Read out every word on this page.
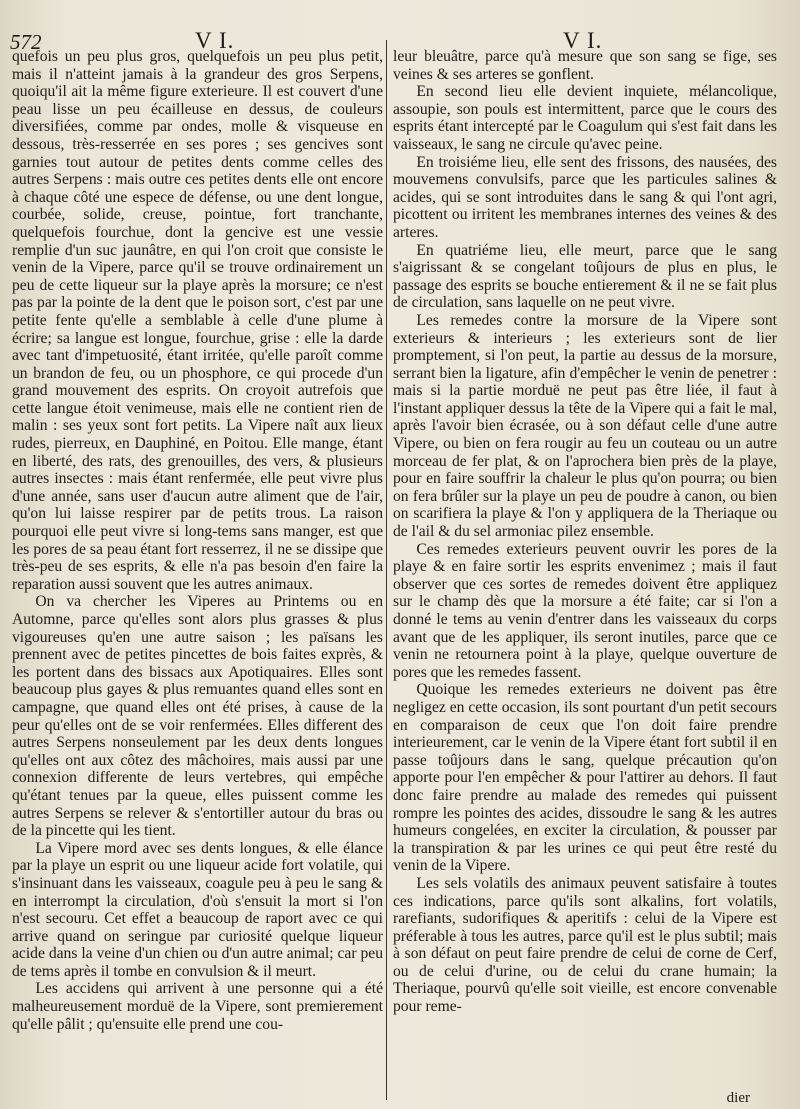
572	V I.	V I.

quefois un peu plus gros, quelquefois un peu plus petit, mais il n'atteint jamais à la grandeur des gros Serpens, quoiqu'il ait la même figure exterieure. Il est couvert d'une peau lisse un peu écailleuse en dessus, de couleurs diversifiées, comme par ondes, molle & visqueuse en dessous, très-resserrée en ses pores ; ses gencives sont garnies tout autour de petites dents comme celles des autres Serpens : mais outre ces petites dents elle ont encore à chaque côté une espece de défense, ou une dent longue, courbée, solide, creuse, pointue, fort tranchante, quelquefois fourchue, dont la gencive est une vessie remplie d'un suc jaunâtre, en qui l'on croit que consiste le venin de la Vipere, parce qu'il se trouve ordinairement un peu de cette liqueur sur la playe après la morsure; ce n'est pas par la pointe de la dent que le poison sort, c'est par une petite fente qu'elle a semblable à celle d'une plume à écrire; sa langue est longue, fourchue, grise : elle la darde avec tant d'impetuosité, étant irritée, qu'elle paroît comme un brandon de feu, ou un phosphore, ce qui procede d'un grand mouvement des esprits. On croyoit autrefois que cette langue étoit venimeuse, mais elle ne contient rien de malin : ses yeux sont fort petits. La Vipere naît aux lieux rudes, pierreux, en Dauphiné, en Poitou. Elle mange, étant en liberté, des rats, des grenouilles, des vers, & plusieurs autres insectes : mais étant renfermée, elle peut vivre plus d'une année, sans user d'aucun autre aliment que de l'air, qu'on lui laisse respirer par de petits trous. La raison pourquoi elle peut vivre si long-tems sans manger, est que les pores de sa peau étant fort resserrez, il ne se dissipe que très-peu de ses esprits, & elle n'a pas besoin d'en faire la reparation aussi souvent que les autres animaux.

On va chercher les Viperes au Printems ou en Automne, parce qu'elles sont alors plus grasses & plus vigoureuses qu'en une autre saison ; les païsans les prennent avec de petites pincettes de bois faites exprès, & les portent dans des bissacs aux Apotiquaires. Elles sont beaucoup plus gayes & plus remuantes quand elles sont en campagne, que quand elles ont été prises, à cause de la peur qu'elles ont de se voir renfermées. Elles different des autres Serpens nonseulement par les deux dents longues qu'elles ont aux côtez des mâchoires, mais aussi par une connexion differente de leurs vertebres, qui empêche qu'étant tenues par la queue, elles puissent comme les autres Serpens se relever & s'entortiller autour du bras ou de la pincette qui les tient.

La Vipere mord avec ses dents longues, & elle élance par la playe un esprit ou une liqueur acide fort volatile, qui s'insinuant dans les vaisseaux, coagule peu à peu le sang & en interrompt la circulation, d'où s'ensuit la mort si l'on n'est secouru. Cet effet a beaucoup de raport avec ce qui arrive quand on seringue par curiosité quelque liqueur acide dans la veine d'un chien ou d'un autre animal; car peu de tems après il tombe en convulsion & il meurt.

Les accidens qui arrivent à une personne qui a été malheureusement morduë de la Vipere, sont premierement qu'elle pâlit ; qu'ensuite elle prend une cou-

leur bleuâtre, parce qu'à mesure que son sang se fige, ses veines & ses arteres se gonflent.

En second lieu elle devient inquiete, mélancolique, assoupie, son pouls est intermittent, parce que le cours des esprits étant intercepté par le Coagulum qui s'est fait dans les vaisseaux, le sang ne circule qu'avec peine.

En troisiéme lieu, elle sent des frissons, des nausées, des mouvemens convulsifs, parce que les particules salines & acides, qui se sont introduites dans le sang & qui l'ont agri, picottent ou irritent les membranes internes des veines & des arteres.

En quatriéme lieu, elle meurt, parce que le sang s'aigrissant & se congelant toûjours de plus en plus, le passage des esprits se bouche entierement & il ne se fait plus de circulation, sans laquelle on ne peut vivre.

Les remedes contre la morsure de la Vipere sont exterieurs & interieurs ; les exterieurs sont de lier promptement, si l'on peut, la partie au dessus de la morsure, serrant bien la ligature, afin d'empêcher le venin de penetrer : mais si la partie morduë ne peut pas être liée, il faut à l'instant appliquer dessus la tête de la Vipere qui a fait le mal, après l'avoir bien écrasée, ou à son défaut celle d'une autre Vipere, ou bien on fera rougir au feu un couteau ou un autre morceau de fer plat, & on l'aprochera bien près de la playe, pour en faire souffrir la chaleur le plus qu'on pourra; ou bien on fera brûler sur la playe un peu de poudre à canon, ou bien on scarifiera la playe & l'on y appliquera de la Theriaque ou de l'ail & du sel armoniac pilez ensemble.

Ces remedes exterieurs peuvent ouvrir les pores de la playe & en faire sortir les esprits envenimez ; mais il faut observer que ces sortes de remedes doivent être appliquez sur le champ dès que la morsure a été faite; car si l'on a donné le tems au venin d'entrer dans les vaisseaux du corps avant que de les appliquer, ils seront inutiles, parce que ce venin ne retournera point à la playe, quelque ouverture de pores que les remedes fassent.

Quoique les remedes exterieurs ne doivent pas être negligez en cette occasion, ils sont pourtant d'un petit secours en comparaison de ceux que l'on doit faire prendre interieurement, car le venin de la Vipere étant fort subtil il en passe toûjours dans le sang, quelque précaution qu'on apporte pour l'en empêcher & pour l'attirer au dehors. Il faut donc faire prendre au malade des remedes qui puissent rompre les pointes des acides, dissoudre le sang & les autres humeurs congelées, en exciter la circulation, & pousser par la transpiration & par les urines ce qui peut être resté du venin de la Vipere.

Les sels volatils des animaux peuvent satisfaire à toutes ces indications, parce qu'ils sont alkalins, fort volatils, rarefiants, sudorifiques & aperitifs : celui de la Vipere est préferable à tous les autres, parce qu'il est le plus subtil; mais à son défaut on peut faire prendre de celui de corne de Cerf, ou de celui d'urine, ou de celui du crane humain; la Theriaque, pourvû qu'elle soit vieille, est encore convenable pour reme-

dier
